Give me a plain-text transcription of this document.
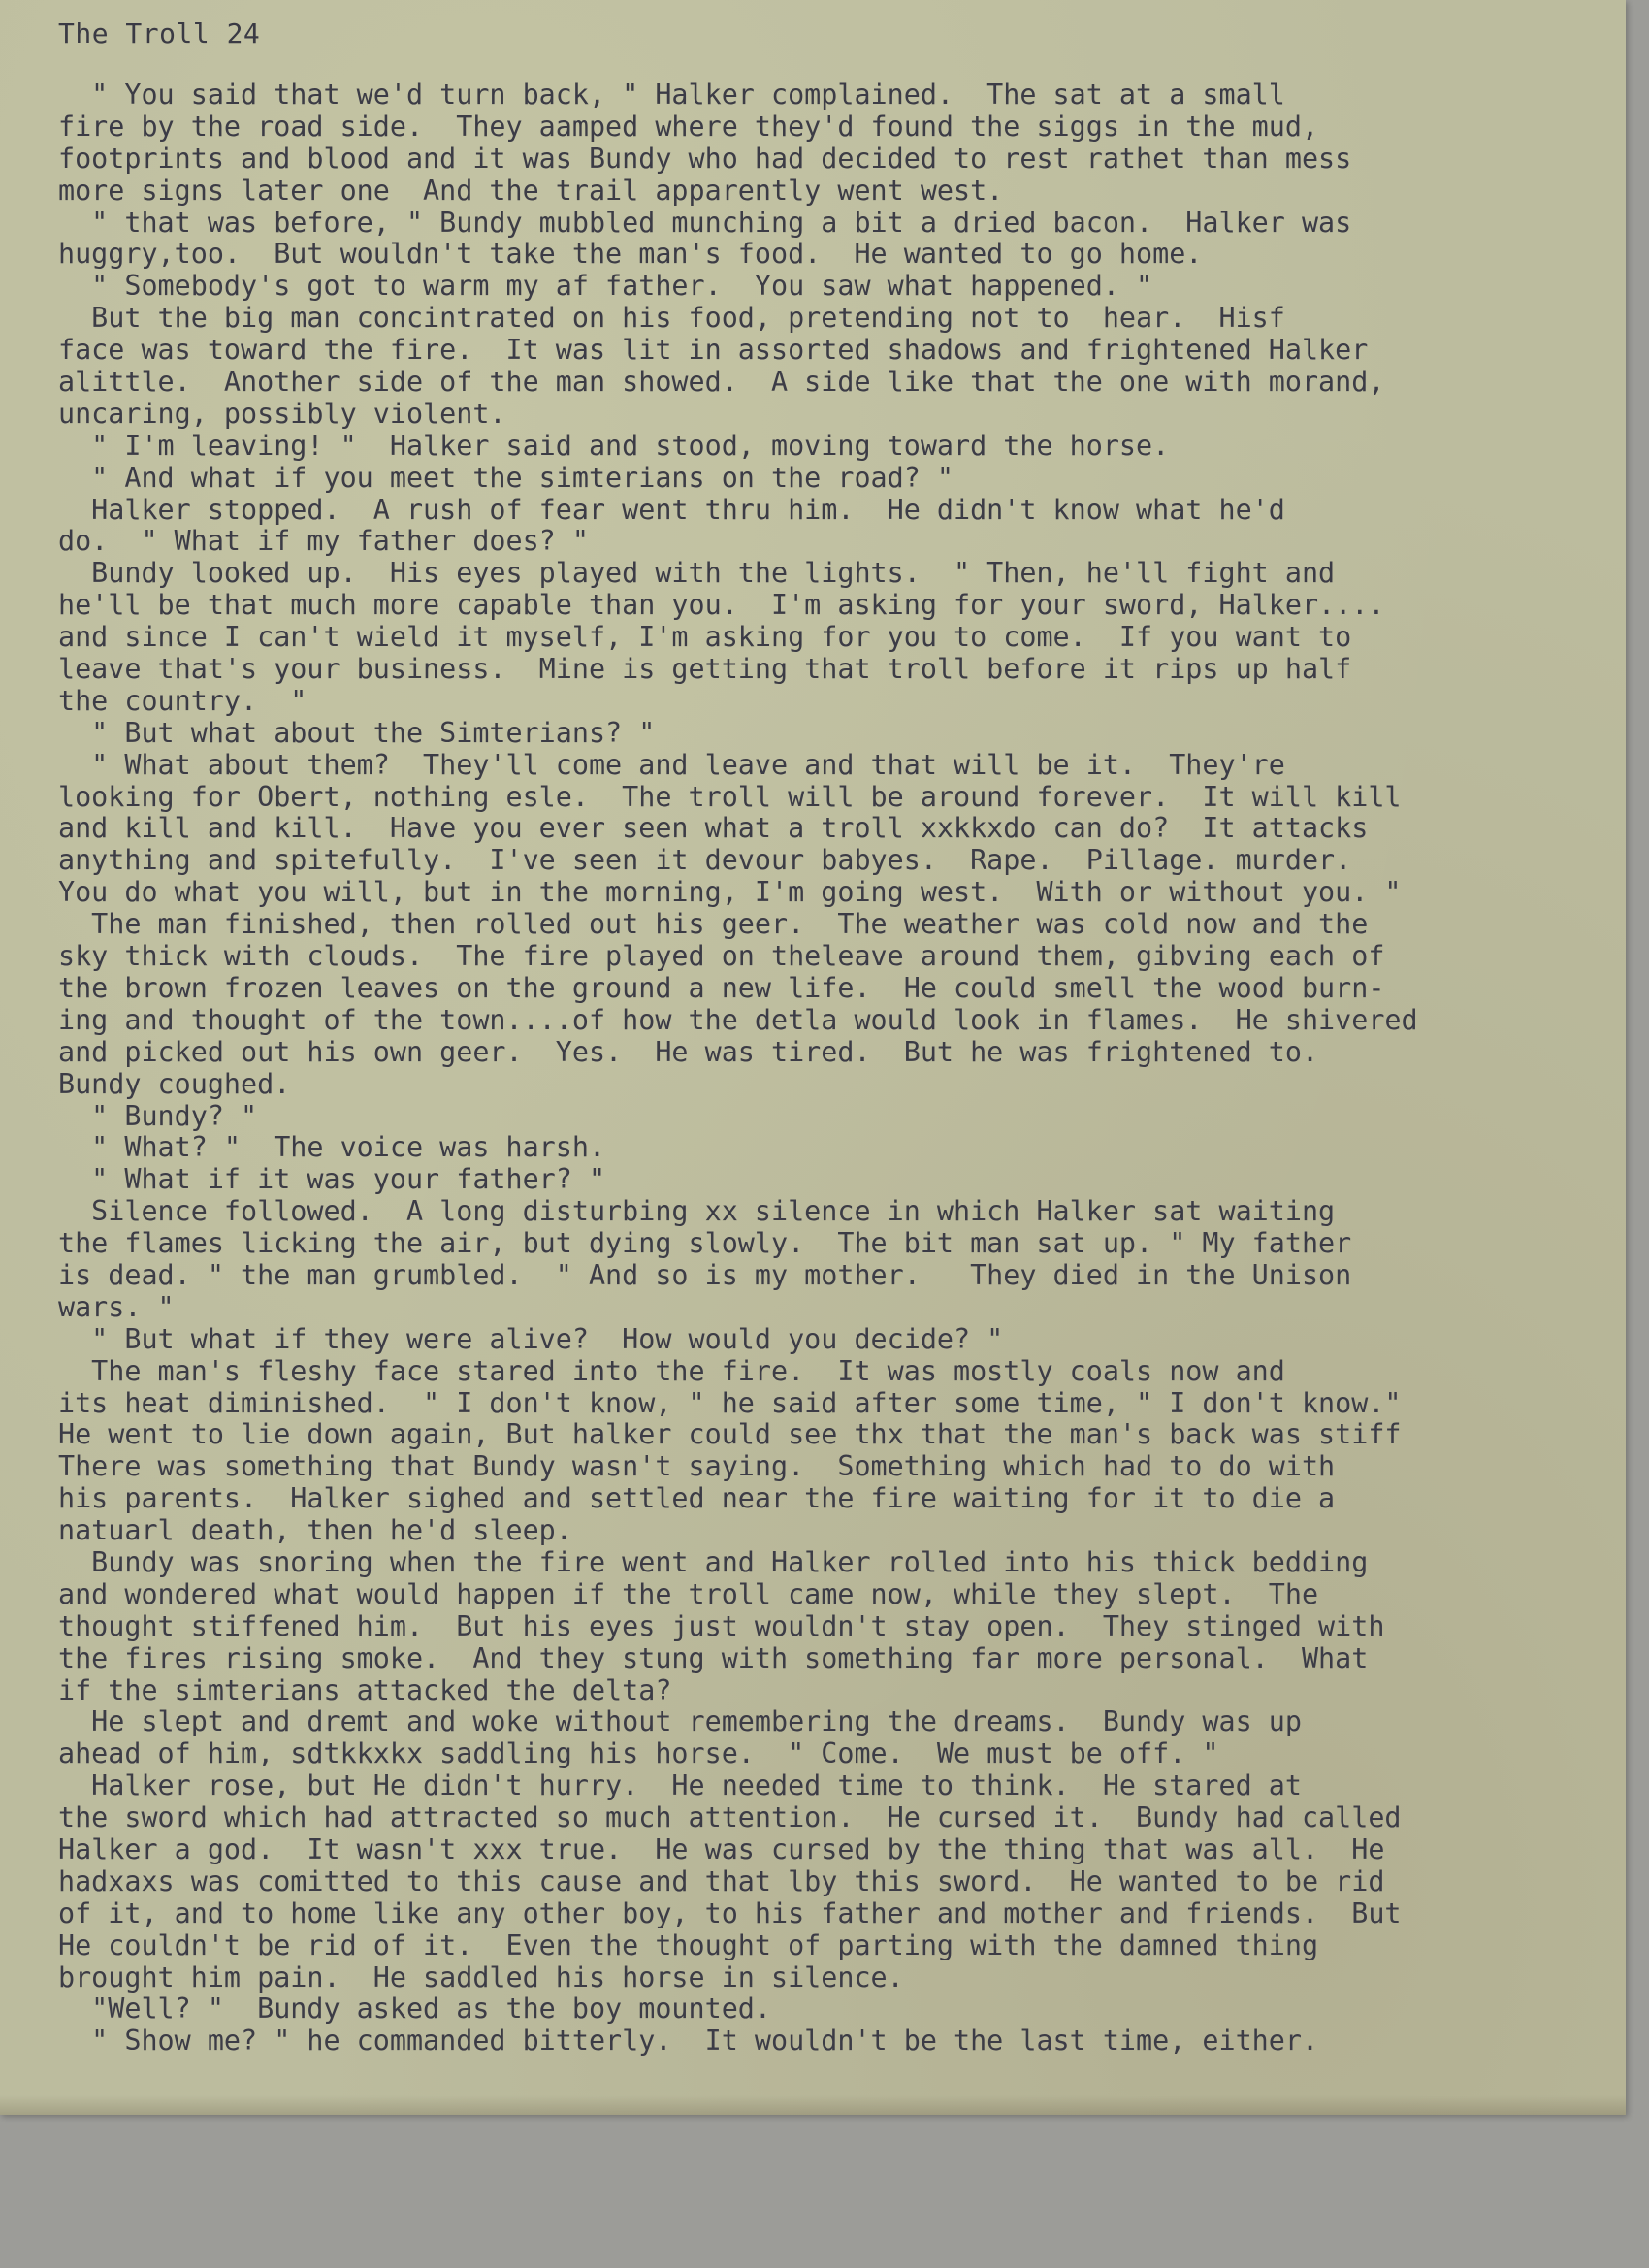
The Troll 24
" You said that we'd turn back, " Halker complained.  The sat at a small
fire by the road side.  They aamped where they'd found the siggs in the mud,
footprints and blood and it was Bundy who had decided to rest rathet than mess
more signs later one  And the trail apparently went west.
" that was before, " Bundy mubbled munching a bit a dried bacon.  Halker was
huggry,too.  But wouldn't take the man's food.  He wanted to go home.
" Somebody's got to warm my af father.  You saw what happened. "
But the big man concintrated on his food, pretending not to  hear.  Hisf
face was toward the fire.  It was lit in assorted shadows and frightened Halker
alittle.  Another side of the man showed.  A side like that the one with morand,
uncaring, possibly violent.
" I'm leaving! "  Halker said and stood, moving toward the horse.
" And what if you meet the simterians on the road? "
Halker stopped.  A rush of fear went thru him.  He didn't know what he'd
do.  " What if my father does? "
Bundy looked up.  His eyes played with the lights.  " Then, he'll fight and
he'll be that much more capable than you.  I'm asking for your sword, Halker....
and since I can't wield it myself, I'm asking for you to come.  If you want to
leave that's your business.  Mine is getting that troll before it rips up half
the country.  "
" But what about the Simterians? "
" What about them?  They'll come and leave and that will be it.  They're
looking for Obert, nothing esle.  The troll will be around forever.  It will kill
and kill and kill.  Have you ever seen what a troll xxkkxdo can do?  It attacks
anything and spitefully.  I've seen it devour babyes.  Rape.  Pillage. murder.
You do what you will, but in the morning, I'm going west.  With or without you. "
The man finished, then rolled out his geer.  The weather was cold now and the
sky thick with clouds.  The fire played on theleave around them, gibving each of
the brown frozen leaves on the ground a new life.  He could smell the wood burn-
ing and thought of the town....of how the detla would look in flames.  He shivered
and picked out his own geer.  Yes.  He was tired.  But he was frightened to.
Bundy coughed.
" Bundy? "
" What? "  The voice was harsh.
" What if it was your father? "
Silence followed.  A long disturbing xx silence in which Halker sat waiting
the flames licking the air, but dying slowly.  The bit man sat up. " My father
is dead. " the man grumbled.  " And so is my mother.   They died in the Unison
wars. "
" But what if they were alive?  How would you decide? "
The man's fleshy face stared into the fire.  It was mostly coals now and
its heat diminished.  " I don't know, " he said after some time, " I don't know."
He went to lie down again, But halker could see thx that the man's back was stiff
There was something that Bundy wasn't saying.  Something which had to do with
his parents.  Halker sighed and settled near the fire waiting for it to die a
natuarl death, then he'd sleep.
Bundy was snoring when the fire went and Halker rolled into his thick bedding
and wondered what would happen if the troll came now, while they slept.  The
thought stiffened him.  But his eyes just wouldn't stay open.  They stinged with
the fires rising smoke.  And they stung with something far more personal.  What
if the simterians attacked the delta?
He slept and dremt and woke without remembering the dreams.  Bundy was up
ahead of him, sdtkkxkx saddling his horse.  " Come.  We must be off. "
Halker rose, but He didn't hurry.  He needed time to think.  He stared at
the sword which had attracted so much attention.  He cursed it.  Bundy had called
Halker a god.  It wasn't xxx true.  He was cursed by the thing that was all.  He
hadxaxs was comitted to this cause and that lby this sword.  He wanted to be rid
of it, and to home like any other boy, to his father and mother and friends.  But
He couldn't be rid of it.  Even the thought of parting with the damned thing
brought him pain.  He saddled his horse in silence.
"Well? "  Bundy asked as the boy mounted.
" Show me? " he commanded bitterly.  It wouldn't be the last time, either.
